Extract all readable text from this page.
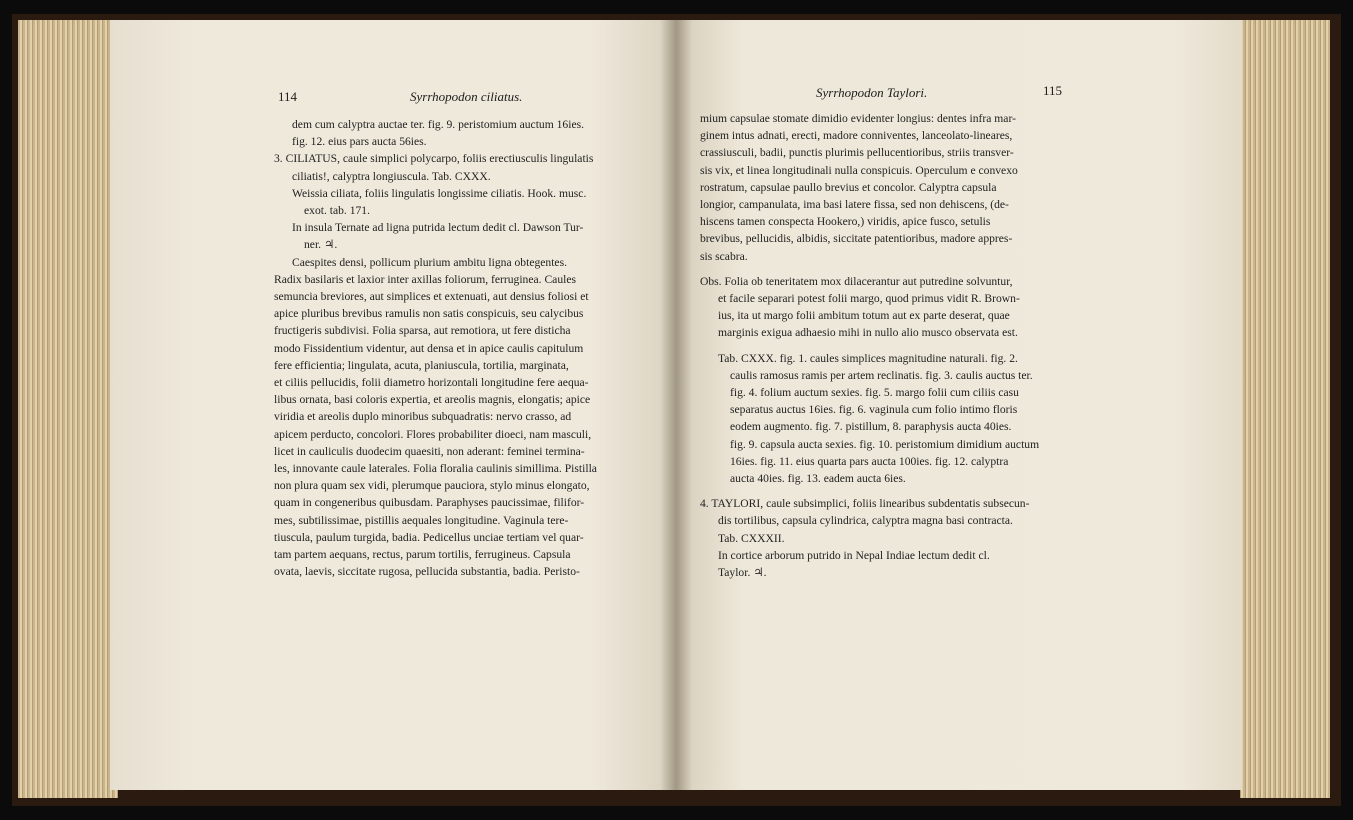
114	Syrrhopodon ciliatus.

dem cum calyptra auctae ter. fig. 9. peristomium auctum 16ies.

fig. 12. eius pars aucta 56ies.

3. CILIATUS, caule simplici polycarpo, foliis erectiusculis lingulatis

ciliatis!, calyptra longiuscula. Tab. CXXX.

Weissia ciliata, foliis lingulatis longissime ciliatis. Hook. musc.

exot. tab. 171.

In insula Ternate ad ligna putrida lectum dedit cl. Dawson Tur-

ner. ♃.

Caespites densi, pollicum plurium ambitu ligna obtegentes.

Radix basilaris et laxior inter axillas foliorum, ferruginea. Caules

semuncia breviores, aut simplices et extenuati, aut densius foliosi et

apice pluribus brevibus ramulis non satis conspicuis, seu calycibus

fructigeris subdivisi. Folia sparsa, aut remotiora, ut fere disticha

modo Fissidentium videntur, aut densa et in apice caulis capitulum

fere efficientia; lingulata, acuta, planiuscula, tortilia, marginata,

et ciliis pellucidis, folii diametro horizontali longitudine fere aequa-

libus ornata, basi coloris expertia, et areolis magnis, elongatis; apice

viridia et areolis duplo minoribus subquadratis: nervo crasso, ad

apicem perducto, concolori. Flores probabiliter dioeci, nam masculi,

licet in cauliculis duodecim quaesiti, non aderant: feminei termina-

les, innovante caule laterales. Folia floralia caulinis simillima. Pistilla

non plura quam sex vidi, plerumque pauciora, stylo minus elongato,

quam in congeneribus quibusdam. Paraphyses paucissimae, filifor-

mes, subtilissimae, pistillis aequales longitudine. Vaginula tere-

tiuscula, paulum turgida, badia. Pedicellus unciae tertiam vel quar-

tam partem aequans, rectus, parum tortilis, ferrugineus. Capsula

ovata, laevis, siccitate rugosa, pellucida substantia, badia. Peristo-

Syrrhopodon Taylori.	115

mium capsulae stomate dimidio evidenter longius: dentes infra mar-

ginem intus adnati, erecti, madore conniventes, lanceolato-lineares,

crassiusculi, badii, punctis plurimis pellucentioribus, striis transver-

sis vix, et linea longitudinali nulla conspicuis. Operculum e convexo

rostratum, capsulae paullo brevius et concolor. Calyptra capsula

longior, campanulata, ima basi latere fissa, sed non dehiscens, (de-

hiscens tamen conspecta Hookero,) viridis, apice fusco, setulis

brevibus, pellucidis, albidis, siccitate patentioribus, madore appres-

sis scabra.

Obs. Folia ob teneritatem mox dilacerantur aut putredine solvuntur,

et facile separari potest folii margo, quod primus vidit R. Brown-

ius, ita ut margo folii ambitum totum aut ex parte deserat, quae

marginis exigua adhaesio mihi in nullo alio musco observata est.

Tab. CXXX. fig. 1. caules simplices magnitudine naturali. fig. 2.

caulis ramosus ramis per artem reclinatis. fig. 3. caulis auctus ter.

fig. 4. folium auctum sexies. fig. 5. margo folii cum ciliis casu

separatus auctus 16ies. fig. 6. vaginula cum folio intimo floris

eodem augmento. fig. 7. pistillum, 8. paraphysis aucta 40ies.

fig. 9. capsula aucta sexies. fig. 10. peristomium dimidium auctum

16ies. fig. 11. eius quarta pars aucta 100ies. fig. 12. calyptra

aucta 40ies. fig. 13. eadem aucta 6ies.

4. TAYLORI, caule subsimplici, foliis linearibus subdentatis subsecun-

dis tortilibus, capsula cylindrica, calyptra magna basi contracta.

Tab. CXXXII.

In cortice arborum putrido in Nepal Indiae lectum dedit cl.

Taylor. ♃.
